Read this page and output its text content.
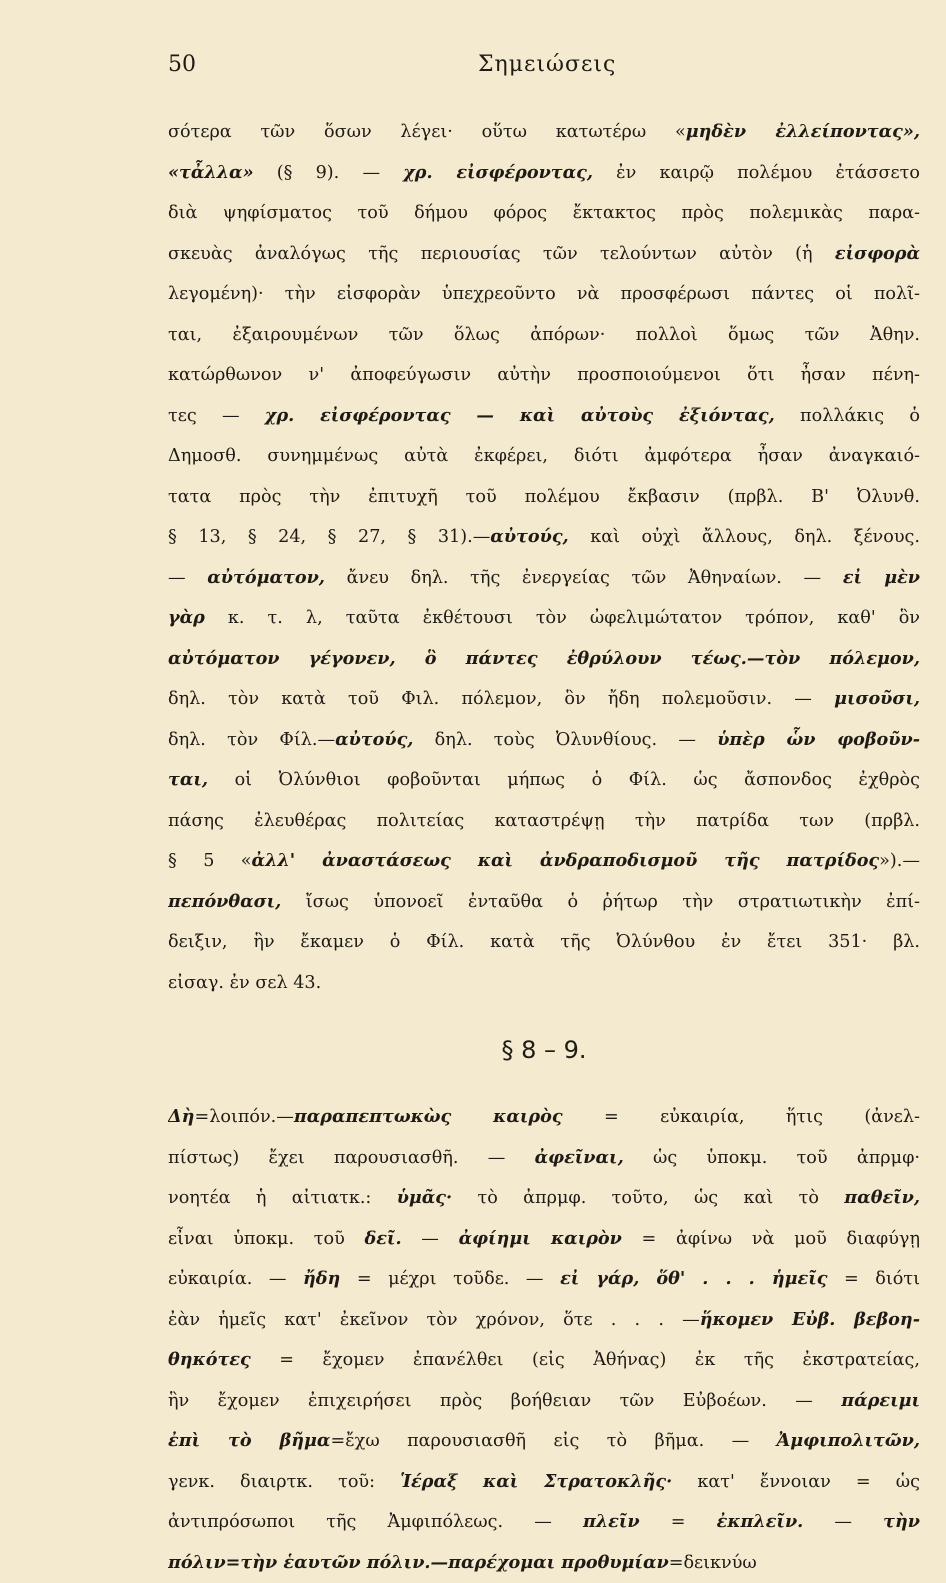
50	Σημειώσεις
σότερα τῶν ὅσων λέγει· οὕτω κατωτέρω «μηδὲν ἐλλείποντας»,
«τἆλλα» (§ 9). — χρ. εἰσφέροντας, ἐν καιρῷ πολέμου ἐτάσσετο
διὰ ψηφίσματος τοῦ δήμου φόρος ἔκτακτος πρὸς πολεμικὰς παρα-
σκευὰς ἀναλόγως τῆς περιουσίας τῶν τελούντων αὐτὸν (ἡ εἰσφορὰ
λεγομένη)· τὴν εἰσφορὰν ὑπεχρεοῦντο νὰ προσφέρωσι πάντες οἱ πολῖ-
ται, ἐξαιρουμένων τῶν ὅλως ἀπόρων· πολλοὶ ὅμως τῶν Ἀθην.
κατώρθωνον ν' ἀποφεύγωσιν αὐτὴν προσποιούμενοι ὅτι ἦσαν πένη-
τες — χρ. εἰσφέροντας — καὶ αὐτοὺς ἐξιόντας, πολλάκις ὁ
Δημοσθ. συνημμένως αὐτὰ ἐκφέρει, διότι ἀμφότερα ἦσαν ἀναγκαιό-
τατα πρὸς τὴν ἐπιτυχῆ τοῦ πολέμου ἔκβασιν (πρβλ. Β' Ὀλυνθ.
§ 13, § 24, § 27, § 31).—αὐτούς, καὶ οὐχὶ ἄλλους, δηλ. ξένους.
— αὐτόματον, ἄνευ δηλ. τῆς ἐνεργείας τῶν Ἀθηναίων. — εἰ μὲν
γὰρ κ. τ. λ, ταῦτα ἐκθέτουσι τὸν ὠφελιμώτατον τρόπον, καθ' ὃν
αὐτόματον γέγονεν, ὃ πάντες ἐθρύλουν τέως.—τὸν πόλεμον,
δηλ. τὸν κατὰ τοῦ Φιλ. πόλεμον, ὃν ἤδη πολεμοῦσιν. — μισοῦσι,
δηλ. τὸν Φίλ.—αὐτούς, δηλ. τοὺς Ὀλυνθίους. — ὑπὲρ ὧν φοβοῦν-
ται, οἱ Ὀλύνθιοι φοβοῦνται μήπως ὁ Φίλ. ὡς ἄσπονδος ἐχθρὸς
πάσης ἐλευθέρας πολιτείας καταστρέψῃ τὴν πατρίδα των (πρβλ.
§ 5 «ἀλλ' ἀναστάσεως καὶ ἀνδραποδισμοῦ τῆς πατρίδος»).—
πεπόνθασι, ἴσως ὑπονοεῖ ἐνταῦθα ὁ ῥήτωρ τὴν στρατιωτικὴν ἐπί-
δειξιν, ἣν ἔκαμεν ὁ Φίλ. κατὰ τῆς Ὀλύνθου ἐν ἔτει 351· βλ.
εἰσαγ. ἐν σελ 43.
§ 8 – 9.
Δὴ=λοιπόν.—παραπεπτωκὼς καιρὸς = εὐκαιρία, ἥτις (ἀνελ-
πίστως) ἔχει παρουσιασθῆ. — ἀφεῖναι, ὡς ὑποκμ. τοῦ ἀπρμφ·
νοητέα ἡ αἰτιατκ.: ὑμᾶς· τὸ ἀπρμφ. τοῦτο, ὡς καὶ τὸ παθεῖν,
εἶναι ὑποκμ. τοῦ δεῖ. — ἀφίημι καιρὸν = ἀφίνω νὰ μοῦ διαφύγῃ
εὐκαιρία. — ἤδη = μέχρι τοῦδε. — εἰ γάρ, ὅθ' . . . ἡμεῖς = διότι
ἐὰν ἡμεῖς κατ' ἐκεῖνον τὸν χρόνον, ὅτε . . . —ἥκομεν Εὐβ. βεβοη-
θηκότες = ἔχομεν ἐπανέλθει (εἰς Ἀθήνας) ἐκ τῆς ἐκστρατείας,
ἣν ἔχομεν ἐπιχειρήσει πρὸς βοήθειαν τῶν Εὐβοέων. — πάρειμι
ἐπὶ τὸ βῆμα=ἔχω παρουσιασθῆ εἰς τὸ βῆμα. — Ἀμφιπολιτῶν,
γενκ. διαιρτκ. τοῦ: Ἱέραξ καὶ Στρατοκλῆς· κατ' ἔννοιαν = ὡς
ἀντιπρόσωποι τῆς Ἀμφιπόλεως. — πλεῖν = ἐκπλεῖν. — τὴν
πόλιν=τὴν ἑαυτῶν πόλιν.—παρέχομαι προθυμίαν=δεικνύω
